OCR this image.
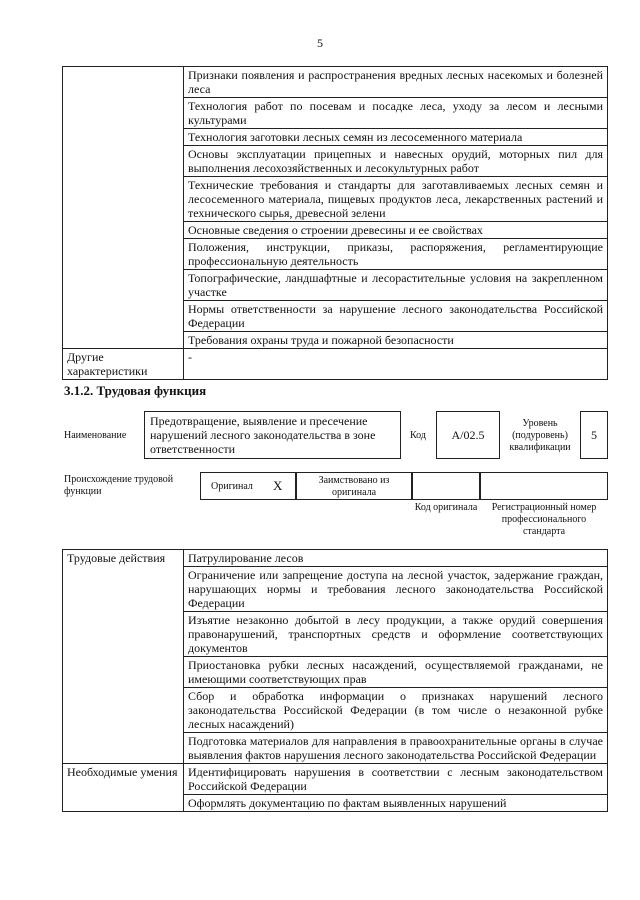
5
	Признаки появления и распространения вредных лесных насекомых и болезней леса
	Технология работ по посевам и посадке леса, уходу за лесом и лесными культурами
	Технология заготовки лесных семян из лесосеменного материала
	Основы эксплуатации прицепных и навесных орудий, моторных пил для выполнения лесохозяйственных и лесокультурных работ
	Технические требования и стандарты для заготавливаемых лесных семян и лесосеменного материала, пищевых продуктов леса, лекарственных растений и технического сырья, древесной зелени
	Основные сведения о строении древесины и ее свойствах
	Положения, инструкции, приказы, распоряжения, регламентирующие профессиональную деятельность
	Топографические, ландшафтные и лесорастительные условия на закрепленном участке
	Нормы ответственности за нарушение лесного законодательства Российской Федерации
	Требования охраны труда и пожарной безопасности
Другие характеристики	-
3.1.2. Трудовая функция
Наименование
Предотвращение, выявление и пресечение нарушений лесного законодательства в зоне ответственности
Код	A/02.5
Уровень (подуровень) квалификации
5
Происхождение трудовой функции	Оригинал X	Заимствовано из оригинала
Код оригинала	Регистрационный номер профессионального стандарта
Трудовые действия	Патрулирование лесов
	Ограничение или запрещение доступа на лесной участок, задержание граждан, нарушающих нормы и требования лесного законодательства Российской Федерации
	Изъятие незаконно добытой в лесу продукции, а также орудий совершения правонарушений, транспортных средств и оформление соответствующих документов
	Приостановка рубки лесных насаждений, осуществляемой гражданами, не имеющими соответствующих прав
	Сбор и обработка информации о признаках нарушений лесного законодательства Российской Федерации (в том числе о незаконной рубке лесных насаждений)
	Подготовка материалов для направления в правоохранительные органы в случае выявления фактов нарушения лесного законодательства Российской Федерации
Необходимые умения	Идентифицировать нарушения в соответствии с лесным законодательством Российской Федерации
	Оформлять документацию по фактам выявленных нарушений
